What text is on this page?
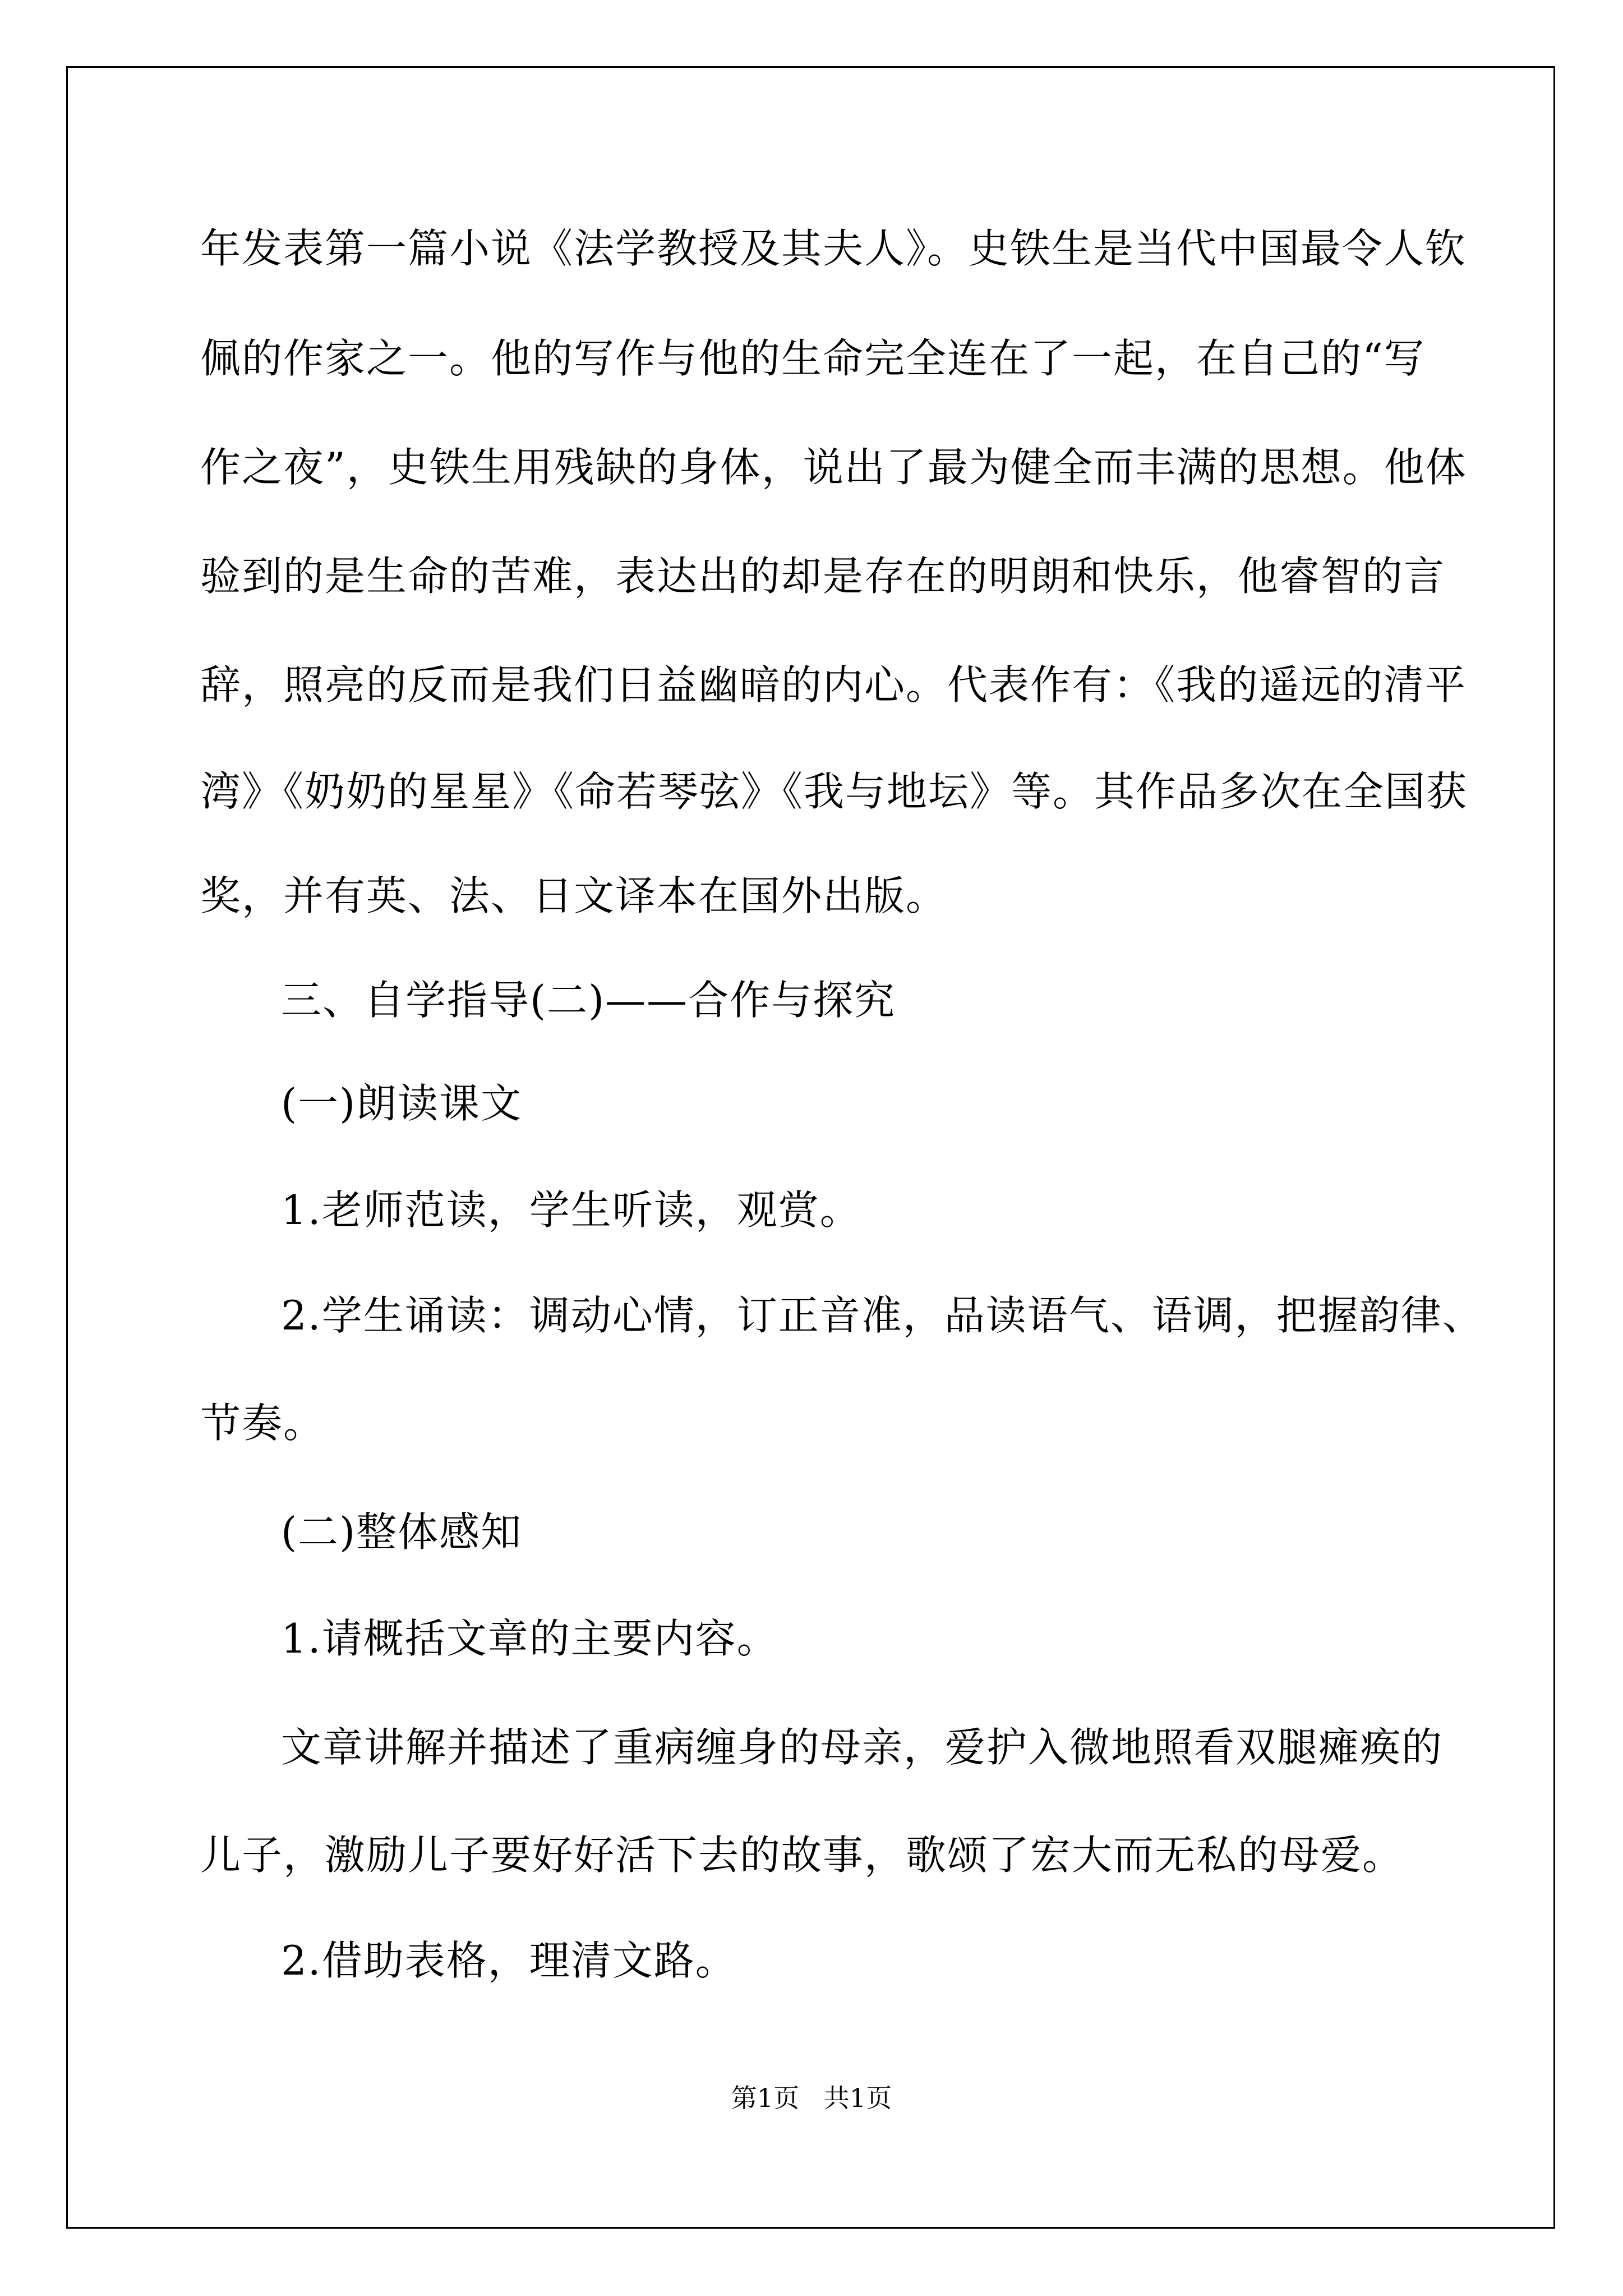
年发表第一篇小说《法学教授及其夫人》。史铁生是当代中国最令人钦
佩的作家之一。他的写作与他的生命完全连在了一起，在自己的“写
作之夜”，史铁生用残缺的身体，说出了最为健全而丰满的思想。他体
验到的是生命的苦难，表达出的却是存在的明朗和快乐，他睿智的言
辞，照亮的反而是我们日益幽暗的内心。代表作有：《我的遥远的清平
湾》《奶奶的星星》《命若琴弦》《我与地坛》等。其作品多次在全国获
奖，并有英、法、日文译本在国外出版。
三、自学指导(二)——合作与探究
(一)朗读课文
1.老师范读，学生听读，观赏。
2.学生诵读：调动心情，订正音准，品读语气、语调，把握韵律、
节奏。
(二)整体感知
1.请概括文章的主要内容。
文章讲解并描述了重病缠身的母亲，爱护入微地照看双腿瘫痪的
儿子，激励儿子要好好活下去的故事，歌颂了宏大而无私的母爱。
2.借助表格，理清文路。
第1页   共1页
